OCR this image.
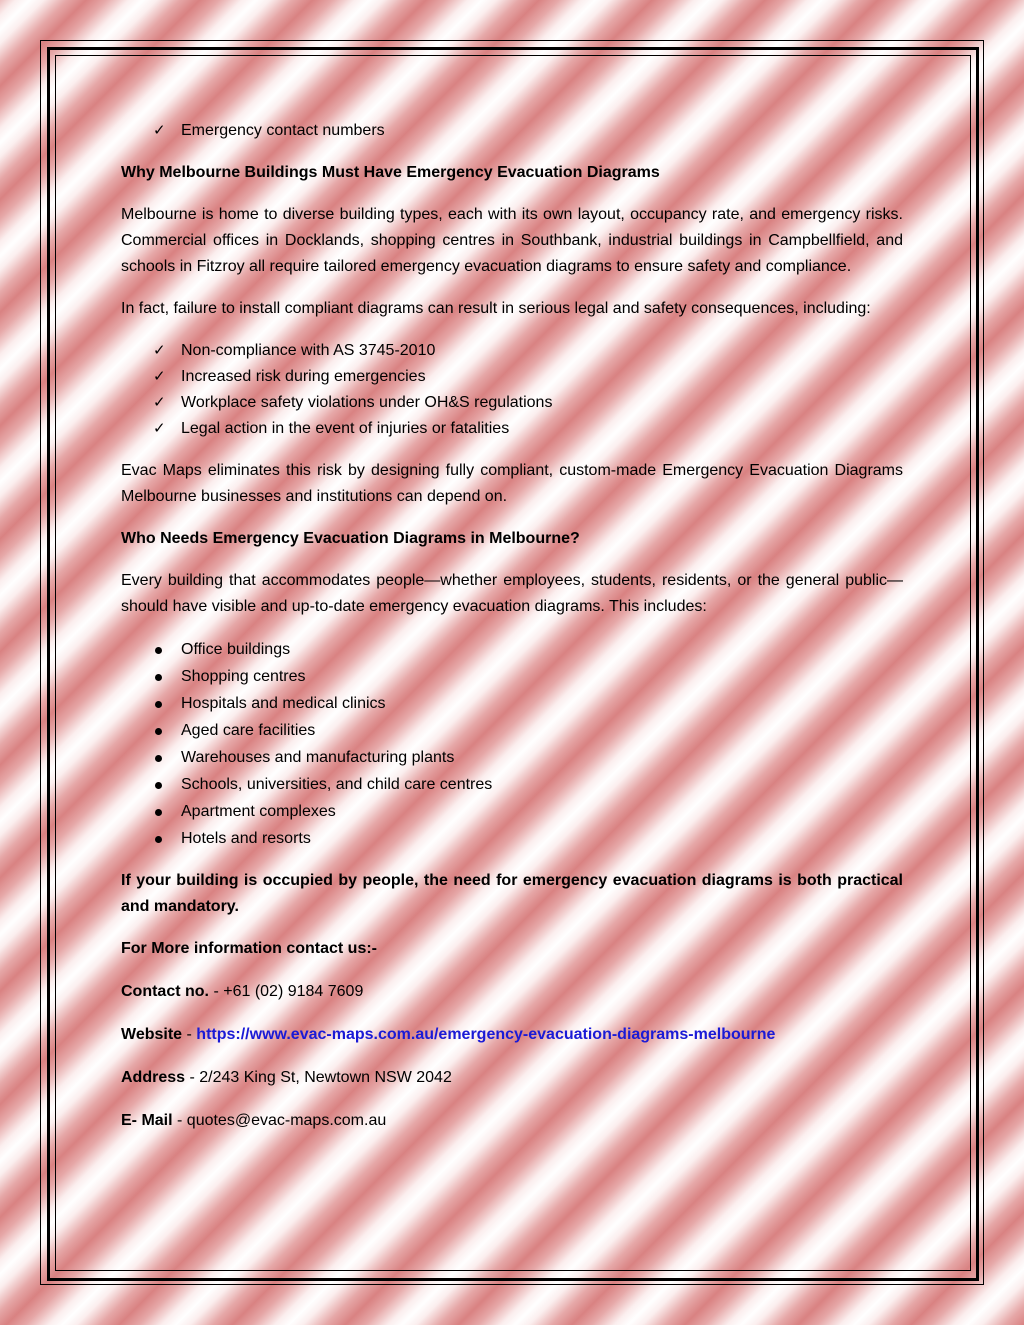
✓ Emergency contact numbers
Why Melbourne Buildings Must Have Emergency Evacuation Diagrams

Melbourne is home to diverse building types, each with its own layout, occupancy rate, and emergency risks. Commercial offices in Docklands, shopping centres in Southbank, industrial buildings in Campbellfield, and schools in Fitzroy all require tailored emergency evacuation diagrams to ensure safety and compliance.

In fact, failure to install compliant diagrams can result in serious legal and safety consequences, including:

✓ Non-compliance with AS 3745-2010
✓ Increased risk during emergencies
✓ Workplace safety violations under OH&S regulations
✓ Legal action in the event of injuries or fatalities

Evac Maps eliminates this risk by designing fully compliant, custom-made Emergency Evacuation Diagrams Melbourne businesses and institutions can depend on.

Who Needs Emergency Evacuation Diagrams in Melbourne?

Every building that accommodates people—whether employees, students, residents, or the general public—should have visible and up-to-date emergency evacuation diagrams. This includes:

Office buildings
Shopping centres
Hospitals and medical clinics
Aged care facilities
Warehouses and manufacturing plants
Schools, universities, and child care centres
Apartment complexes
Hotels and resorts

If your building is occupied by people, the need for emergency evacuation diagrams is both practical and mandatory.

For More information contact us:-
Contact no. - +61 (02) 9184 7609
Website - https://www.evac-maps.com.au/emergency-evacuation-diagrams-melbourne
Address - 2/243 King St, Newtown NSW 2042
E- Mail - quotes@evac-maps.com.au
